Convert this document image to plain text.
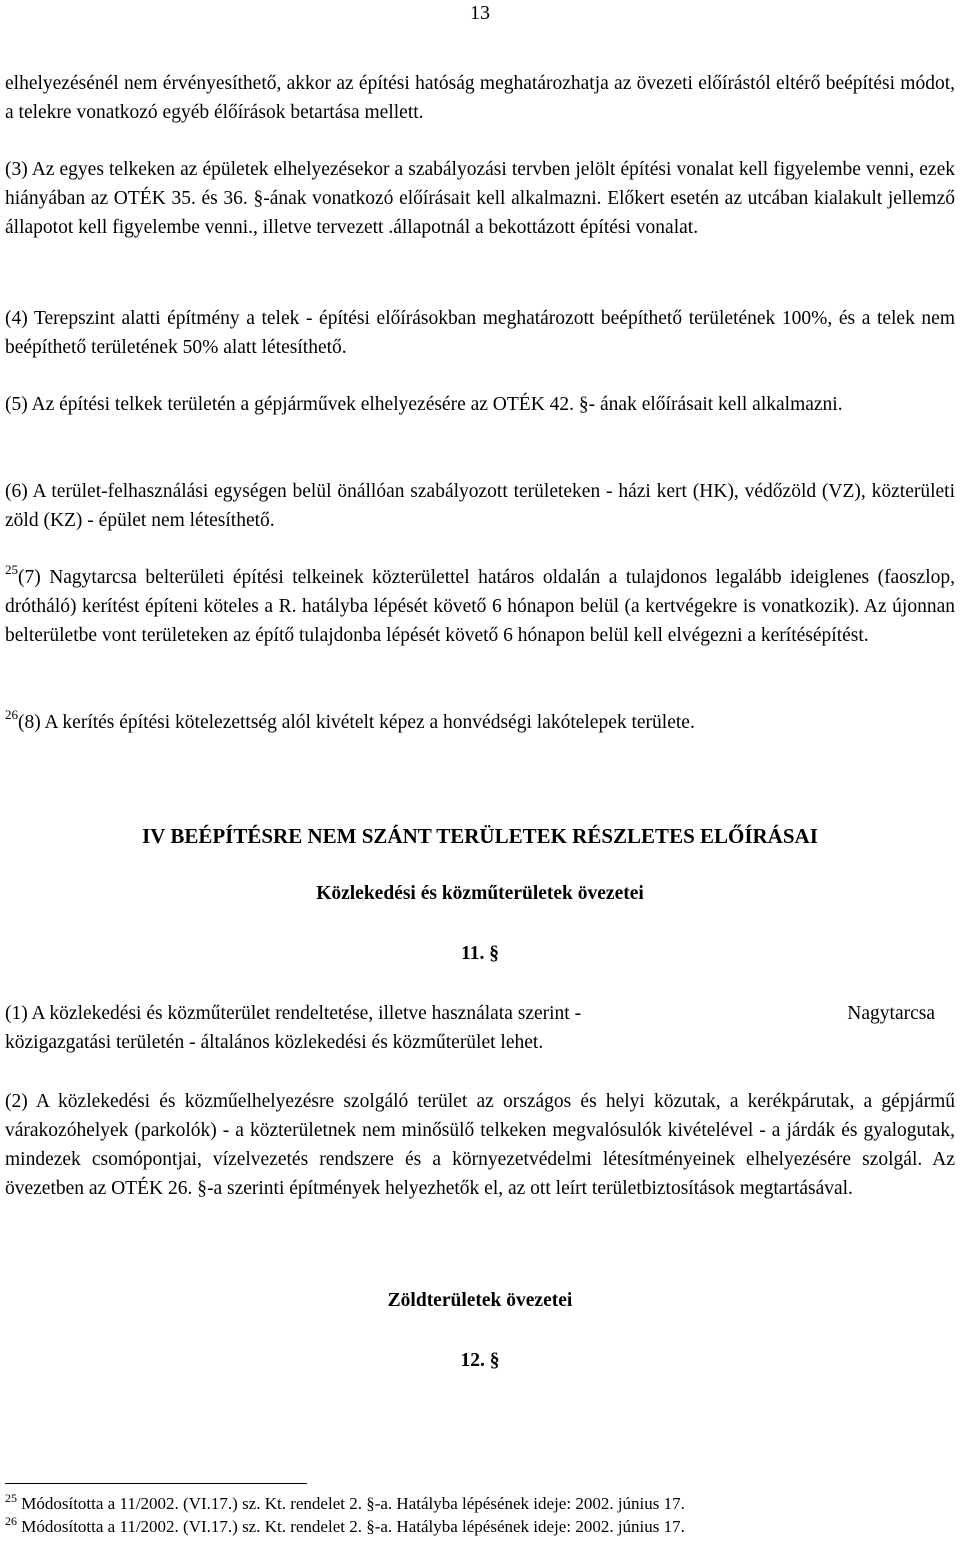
13

elhelyezésénél nem érvényesíthető, akkor az építési hatóság meghatározhatja az övezeti előírástól eltérő beépítési módot, a telekre vonatkozó egyéb élőírások betartása mellett.

(3) Az egyes telkeken az épületek elhelyezésekor a szabályozási tervben jelölt építési vonalat kell figyelembe venni, ezek hiányában az OTÉK 35. és 36. §-ának vonatkozó előírásait kell alkalmazni. Előkert esetén az utcában kialakult jellemző állapotot kell figyelembe venni., illetve tervezett .állapotnál a bekottázott építési vonalat.

(4) Terepszint alatti építmény a telek - építési előírásokban meghatározott beépíthető területének 100%, és a telek nem beépíthető területének 50% alatt létesíthető.

(5) Az építési telkek területén a gépjárművek elhelyezésére az OTÉK 42. §- ának előírásait kell alkalmazni.

(6) A terület-felhasználási egységen belül önállóan szabályozott területeken - házi kert (HK), védőzöld (VZ), közterületi zöld (KZ) - épület nem létesíthető.

$^{25}$(7) Nagytarcsa belterületi építési telkeinek közterülettel határos oldalán a tulajdonos legalább ideiglenes (faoszlop, drótháló) kerítést építeni köteles a R. hatályba lépését követő 6 hónapon belül (a kertvégekre is vonatkozik). Az újonnan belterületbe vont területeken az építő tulajdonba lépését követő 6 hónapon belül kell elvégezni a kerítésépítést.

$^{26}$(8) A kerítés építési kötelezettség alól kivételt képez a honvédségi lakótelepek területe.

IV BEÉPÍTÉSRE NEM SZÁNT TERÜLETEK RÉSZLETES ELŐÍRÁSAI
Közlekedési és közműterületek övezetei
11. §
(1) A közlekedési és közműterület rendeltetése, illetve használata szerint -	Nagytarcsa
közigazgatási területén - általános közlekedési és közműterület lehet.

(2) A közlekedési és közműelhelyezésre szolgáló terület az országos és helyi közutak, a kerékpárutak, a gépjármű várakozóhelyek (parkolók) - a közterületnek nem minősülő telkeken megvalósulók kivételével - a járdák és gyalogutak, mindezek csomópontjai, vízelvezetés rendszere és a környezetvédelmi létesítményeinek elhelyezésére szolgál. Az övezetben az OTÉK 26. §-a szerinti építmények helyezhetők el, az ott leírt területbiztosítások megtartásával.

Zöldterületek övezetei
12. §

$^{25}$ Módosította a 11/2002. (VI.17.) sz. Kt. rendelet 2. §-a. Hatályba lépésének ideje: 2002. június 17.

$^{26}$ Módosította a 11/2002. (VI.17.) sz. Kt. rendelet 2. §-a. Hatályba lépésének ideje: 2002. június 17.
